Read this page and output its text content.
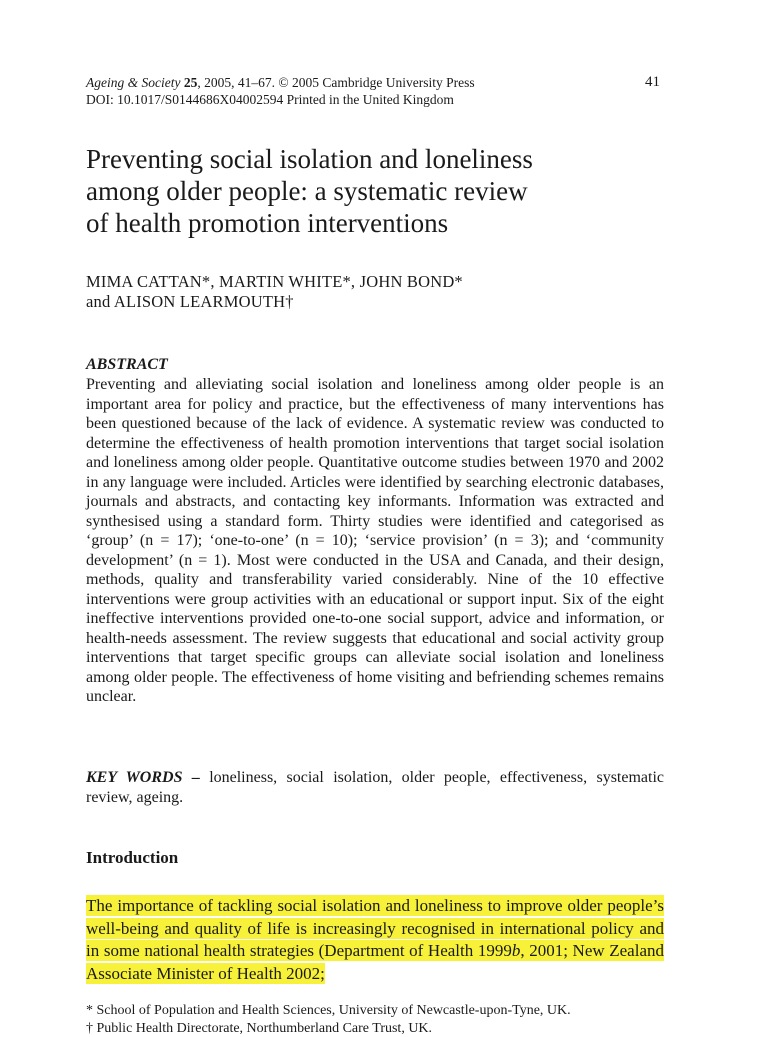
Ageing & Society 25, 2005, 41–67. © 2005 Cambridge University Press
DOI: 10.1017/S0144686X04002594 Printed in the United Kingdom
41
Preventing social isolation and loneliness
among older people: a systematic review
of health promotion interventions
MIMA CATTAN*, MARTIN WHITE*, JOHN BOND*
and ALISON LEARMOUTH†
ABSTRACT

Preventing and alleviating social isolation and loneliness among older people is an important area for policy and practice, but the effectiveness of many interventions has been questioned because of the lack of evidence. A systematic review was conducted to determine the effectiveness of health promotion interventions that target social isolation and loneliness among older people. Quantitative outcome studies between 1970 and 2002 in any language were included. Articles were identified by searching electronic databases, journals and abstracts, and contacting key informants. Information was extracted and synthesised using a standard form. Thirty studies were identified and categorised as ‘group’ (n = 17); ‘one-to-one’ (n = 10); ‘service provision’ (n = 3); and ‘community development’ (n = 1). Most were conducted in the USA and Canada, and their design, methods, quality and transferability varied considerably. Nine of the 10 effective interventions were group activities with an educational or support input. Six of the eight ineffective interventions provided one-to-one social support, advice and information, or health-needs assessment. The review suggests that educational and social activity group interventions that target specific groups can alleviate social isolation and loneliness among older people. The effectiveness of home visiting and befriending schemes remains unclear.

KEY WORDS – loneliness, social isolation, older people, effectiveness, systematic review, ageing.

Introduction

The importance of tackling social isolation and loneliness to improve older people’s well-being and quality of life is increasingly recognised in international policy and in some national health strategies (Department of Health 1999b, 2001; New Zealand Associate Minister of Health 2002;

* School of Population and Health Sciences, University of Newcastle-upon-Tyne, UK.
† Public Health Directorate, Northumberland Care Trust, UK.
